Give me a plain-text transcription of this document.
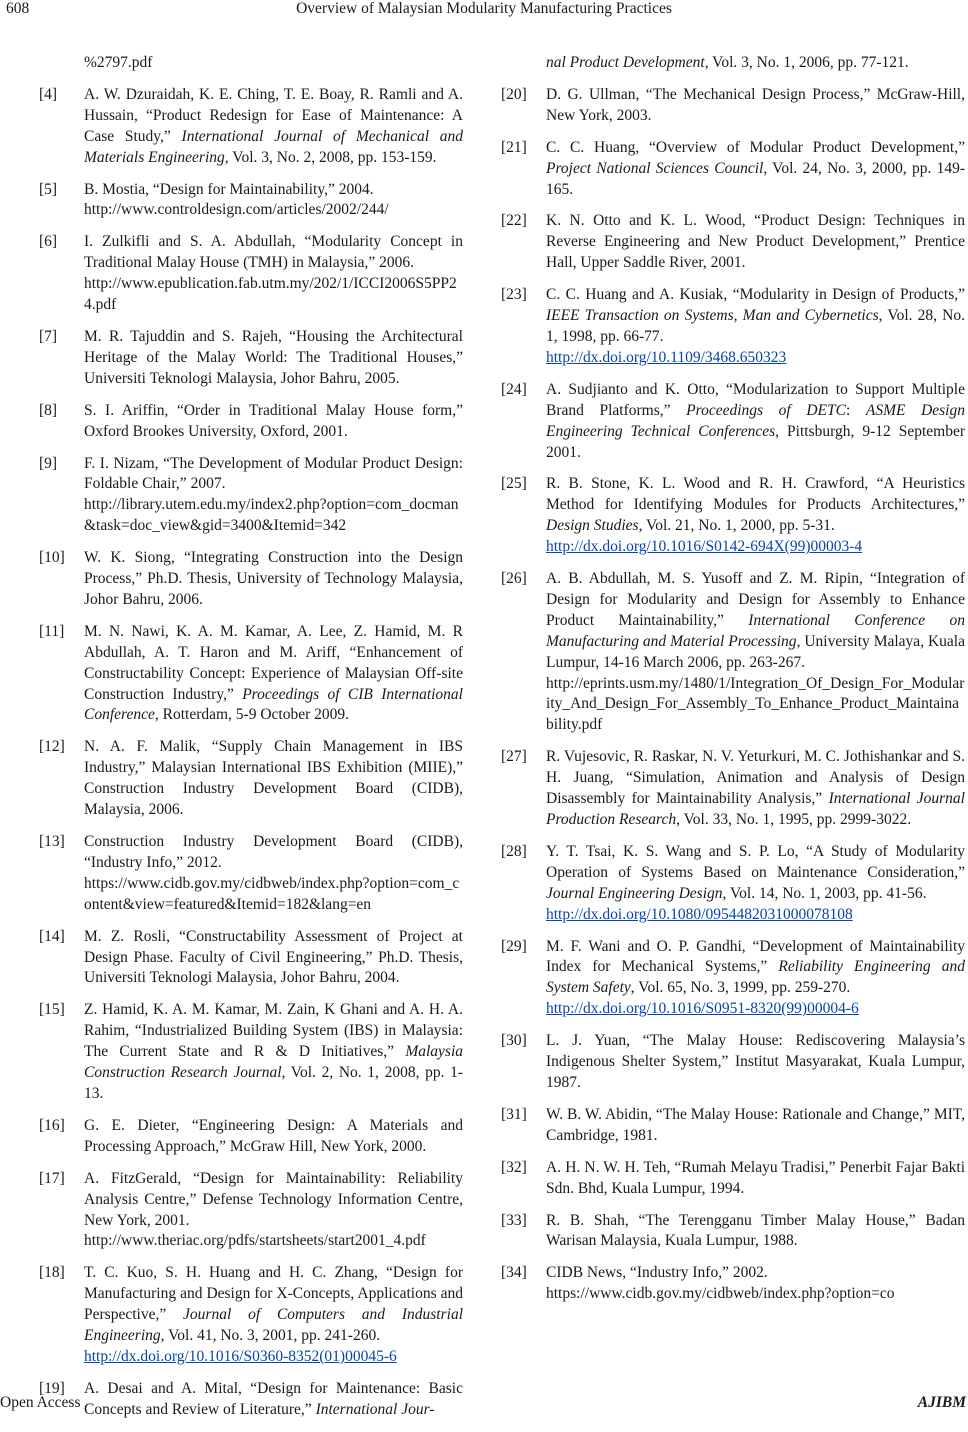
608	Overview of Malaysian Modularity Manufacturing Practices
%2797.pdf
[4] A. W. Dzuraidah, K. E. Ching, T. E. Boay, R. Ramli and A. Hussain, “Product Redesign for Ease of Maintenance: A Case Study,” International Journal of Mechanical and Materials Engineering, Vol. 3, No. 2, 2008, pp. 153-159.
[5] B. Mostia, “Design for Maintainability,” 2004.
http://www.controldesign.com/articles/2002/244/
[6] I. Zulkifli and S. A. Abdullah, “Modularity Concept in Traditional Malay House (TMH) in Malaysia,” 2006.
http://www.epublication.fab.utm.my/202/1/ICCI2006S5PP24.pdf
[7] M. R. Tajuddin and S. Rajeh, “Housing the Architectural Heritage of the Malay World: The Traditional Houses,” Universiti Teknologi Malaysia, Johor Bahru, 2005.
[8] S. I. Ariffin, “Order in Traditional Malay House form,” Oxford Brookes University, Oxford, 2001.
[9] F. I. Nizam, “The Development of Modular Product Design: Foldable Chair,” 2007.
http://library.utem.edu.my/index2.php?option=com_docman&task=doc_view&gid=3400&Itemid=342
[10] W. K. Siong, “Integrating Construction into the Design Process,” Ph.D. Thesis, University of Technology Malaysia, Johor Bahru, 2006.
[11] M. N. Nawi, K. A. M. Kamar, A. Lee, Z. Hamid, M. R Abdullah, A. T. Haron and M. Ariff, “Enhancement of Constructability Concept: Experience of Malaysian Off-site Construction Industry,” Proceedings of CIB International Conference, Rotterdam, 5-9 October 2009.
[12] N. A. F. Malik, “Supply Chain Management in IBS Industry,” Malaysian International IBS Exhibition (MIIE),” Construction Industry Development Board (CIDB), Malaysia, 2006.
[13] Construction Industry Development Board (CIDB), “Industry Info,” 2012.
https://www.cidb.gov.my/cidbweb/index.php?option=com_content&view=featured&Itemid=182&lang=en
[14] M. Z. Rosli, “Constructability Assessment of Project at Design Phase. Faculty of Civil Engineering,” Ph.D. Thesis, Universiti Teknologi Malaysia, Johor Bahru, 2004.
[15] Z. Hamid, K. A. M. Kamar, M. Zain, K Ghani and A. H. A. Rahim, “Industrialized Building System (IBS) in Malaysia: The Current State and R & D Initiatives,” Malaysia Construction Research Journal, Vol. 2, No. 1, 2008, pp. 1-13.
[16] G. E. Dieter, “Engineering Design: A Materials and Processing Approach,” McGraw Hill, New York, 2000.
[17] A. FitzGerald, “Design for Maintainability: Reliability Analysis Centre,” Defense Technology Information Centre, New York, 2001.
http://www.theriac.org/pdfs/startsheets/start2001_4.pdf
[18] T. C. Kuo, S. H. Huang and H. C. Zhang, “Design for Manufacturing and Design for X-Concepts, Applications and Perspective,” Journal of Computers and Industrial Engineering, Vol. 41, No. 3, 2001, pp. 241-260.
http://dx.doi.org/10.1016/S0360-8352(01)00045-6
[19] A. Desai and A. Mital, “Design for Maintenance: Basic Concepts and Review of Literature,” International Jour-
nal Product Development, Vol. 3, No. 1, 2006, pp. 77-121.
[20] D. G. Ullman, “The Mechanical Design Process,” McGraw-Hill, New York, 2003.
[21] C. C. Huang, “Overview of Modular Product Development,” Project National Sciences Council, Vol. 24, No. 3, 2000, pp. 149-165.
[22] K. N. Otto and K. L. Wood, “Product Design: Techniques in Reverse Engineering and New Product Development,” Prentice Hall, Upper Saddle River, 2001.
[23] C. C. Huang and A. Kusiak, “Modularity in Design of Products,” IEEE Transaction on Systems, Man and Cybernetics, Vol. 28, No. 1, 1998, pp. 66-77.
http://dx.doi.org/10.1109/3468.650323
[24] A. Sudjianto and K. Otto, “Modularization to Support Multiple Brand Platforms,” Proceedings of DETC: ASME Design Engineering Technical Conferences, Pittsburgh, 9-12 September 2001.
[25] R. B. Stone, K. L. Wood and R. H. Crawford, “A Heuristics Method for Identifying Modules for Products Architectures,” Design Studies, Vol. 21, No. 1, 2000, pp. 5-31.
http://dx.doi.org/10.1016/S0142-694X(99)00003-4
[26] A. B. Abdullah, M. S. Yusoff and Z. M. Ripin, “Integration of Design for Modularity and Design for Assembly to Enhance Product Maintainability,” International Conference on Manufacturing and Material Processing, University Malaya, Kuala Lumpur, 14-16 March 2006, pp. 263-267.
http://eprints.usm.my/1480/1/Integration_Of_Design_For_Modularity_And_Design_For_Assembly_To_Enhance_Product_Maintainability.pdf
[27] R. Vujesovic, R. Raskar, N. V. Yeturkuri, M. C. Jothishankar and S. H. Juang, “Simulation, Animation and Analysis of Design Disassembly for Maintainability Analysis,” International Journal Production Research, Vol. 33, No. 1, 1995, pp. 2999-3022.
[28] Y. T. Tsai, K. S. Wang and S. P. Lo, “A Study of Modularity Operation of Systems Based on Maintenance Consideration,” Journal Engineering Design, Vol. 14, No. 1, 2003, pp. 41-56.
http://dx.doi.org/10.1080/0954482031000078108
[29] M. F. Wani and O. P. Gandhi, “Development of Maintainability Index for Mechanical Systems,” Reliability Engineering and System Safety, Vol. 65, No. 3, 1999, pp. 259-270.
http://dx.doi.org/10.1016/S0951-8320(99)00004-6
[30] L. J. Yuan, “The Malay House: Rediscovering Malaysia’s Indigenous Shelter System,” Institut Masyarakat, Kuala Lumpur, 1987.
[31] W. B. W. Abidin, “The Malay House: Rationale and Change,” MIT, Cambridge, 1981.
[32] A. H. N. W. H. Teh, “Rumah Melayu Tradisi,” Penerbit Fajar Bakti Sdn. Bhd, Kuala Lumpur, 1994.
[33] R. B. Shah, “The Terengganu Timber Malay House,” Badan Warisan Malaysia, Kuala Lumpur, 1988.
[34] CIDB News, “Industry Info,” 2002.
https://www.cidb.gov.my/cidbweb/index.php?option=co
Open Access	AJIBM
